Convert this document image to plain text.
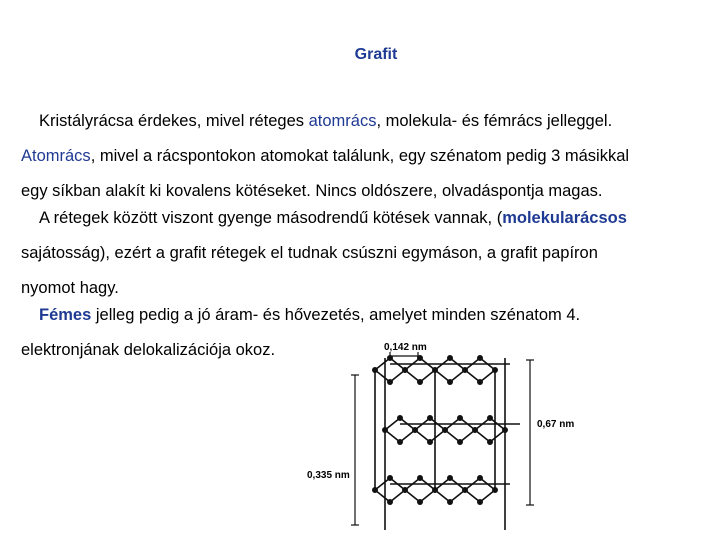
Grafit
Kristályrácsa érdekes, mivel réteges atomrács, molekula- és fémrács jelleggel.
Atomrács, mivel a rácspontokon atomokat találunk, egy szénatom pedig 3 másikkal
egy síkban alakít ki kovalens kötéseket. Nincs oldószere, olvadáspontja magas.
A rétegek között viszont gyenge másodrendű kötések vannak, (molekularácsos
sajátosság), ezért a grafit rétegek el tudnak csúszni egymáson, a grafit papíron
nyomot hagy.
Fémes jelleg pedig a jó áram- és hővezetés, amelyet minden szénatom 4.
elektronjának delokalizációja okoz.	0,142 nm
0,67 nm
0,335 nm
